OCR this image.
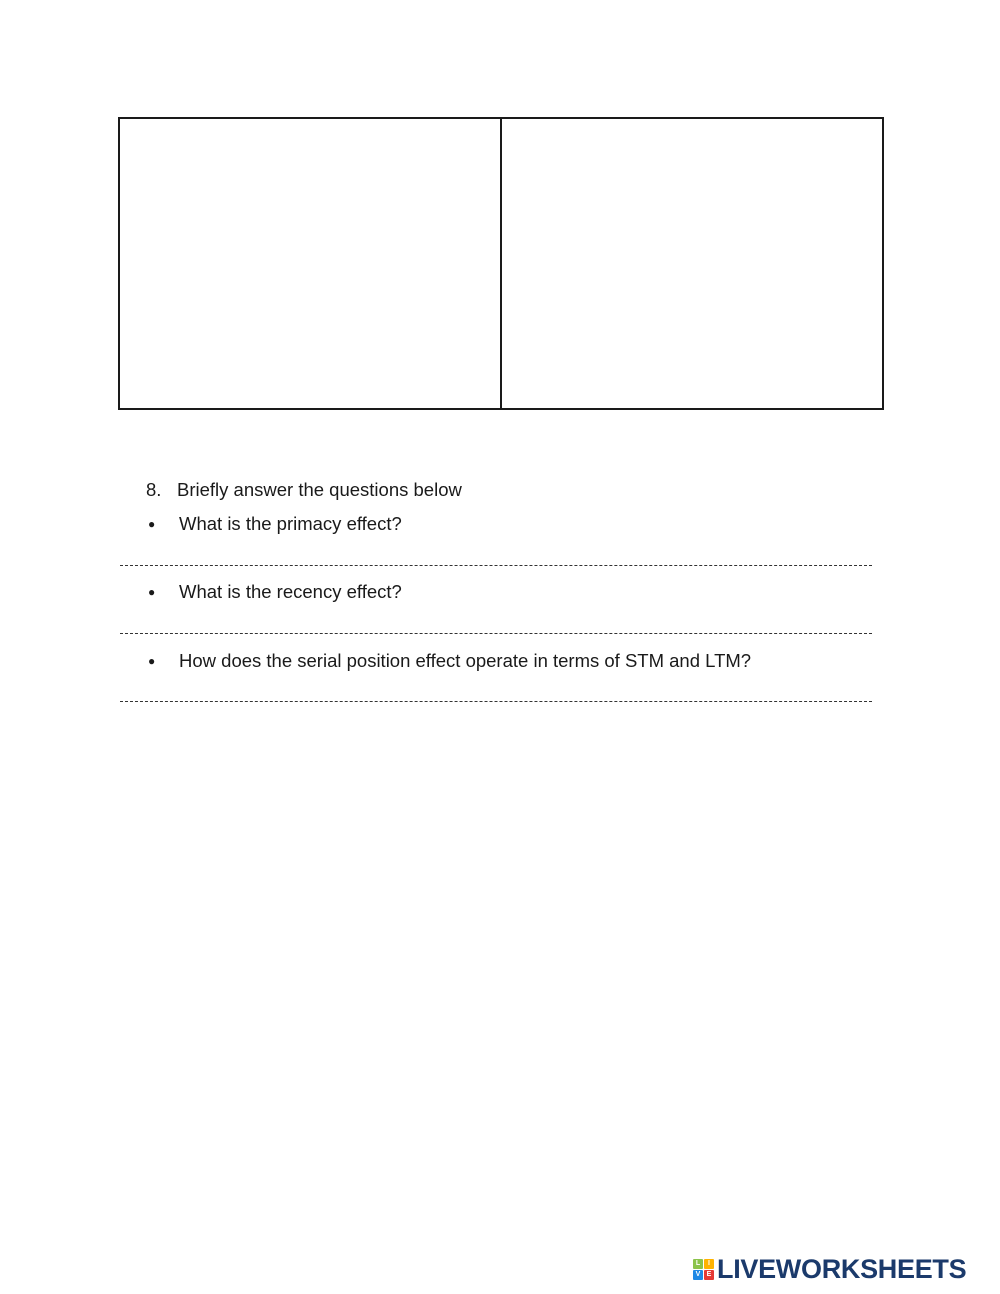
8. Briefly answer the questions below
●	What is the primacy effect?
●	What is the recency effect?
●	How does the serial position effect operate in terms of STM and LTM?
L	I
V E LIVEWORKSHEETS
